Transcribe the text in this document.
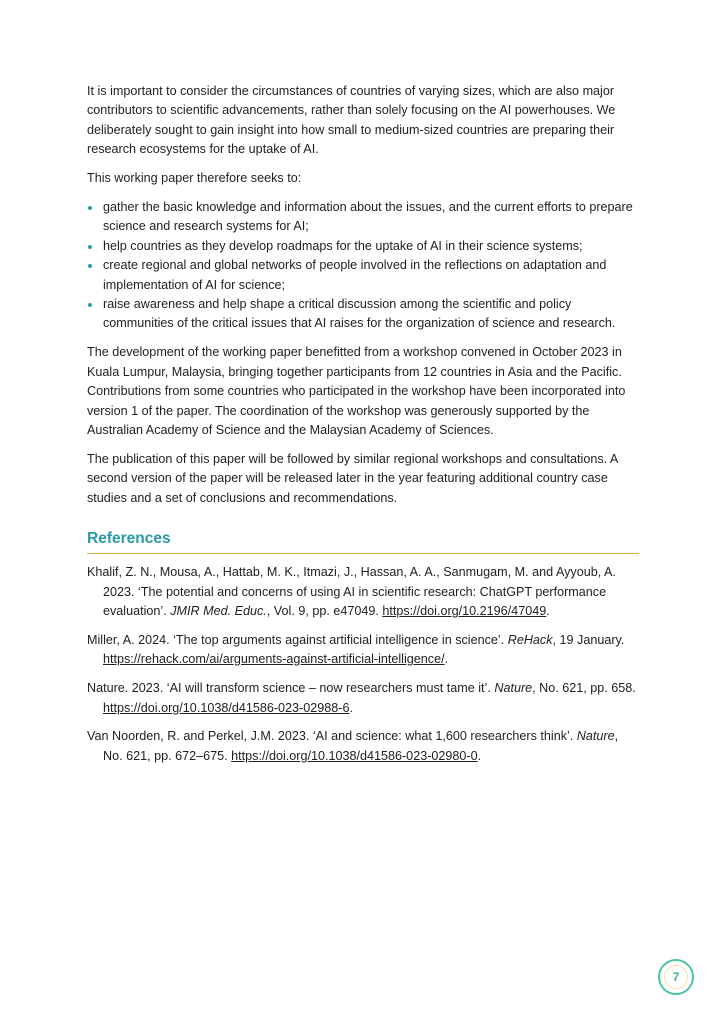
It is important to consider the circumstances of countries of varying sizes, which are also major contributors to scientific advancements, rather than solely focusing on the AI powerhouses. We deliberately sought to gain insight into how small to medium-sized countries are preparing their research ecosystems for the uptake of AI.

This working paper therefore seeks to:

gather the basic knowledge and information about the issues, and the current efforts to prepare science and research systems for AI;
help countries as they develop roadmaps for the uptake of AI in their science systems;
create regional and global networks of people involved in the reflections on adaptation and implementation of AI for science;
raise awareness and help shape a critical discussion among the scientific and policy communities of the critical issues that AI raises for the organization of science and research.

The development of the working paper benefitted from a workshop convened in October 2023 in Kuala Lumpur, Malaysia, bringing together participants from 12 countries in Asia and the Pacific. Contributions from some countries who participated in the workshop have been incorporated into version 1 of the paper. The coordination of the workshop was generously supported by the Australian Academy of Science and the Malaysian Academy of Sciences.

The publication of this paper will be followed by similar regional workshops and consultations. A second version of the paper will be released later in the year featuring additional country case studies and a set of conclusions and recommendations.

References
Khalif, Z. N., Mousa, A., Hattab, M. K., Itmazi, J., Hassan, A. A., Sanmugam, M. and Ayyoub, A. 2023. ‘The potential and concerns of using AI in scientific research: ChatGPT performance evaluation’. JMIR Med. Educ., Vol. 9, pp. e47049. https://doi.org/10.2196/47049.
Miller, A. 2024. ‘The top arguments against artificial intelligence in science’. ReHack, 19 January. https://rehack.com/ai/arguments-against-artificial-intelligence/.
Nature. 2023. ‘AI will transform science – now researchers must tame it’. Nature, No. 621, pp. 658. https://doi.org/10.1038/d41586-023-02988-6.
Van Noorden, R. and Perkel, J.M. 2023. ‘AI and science: what 1,600 researchers think’. Nature, No. 621, pp. 672–675. https://doi.org/10.1038/d41586-023-02980-0.
7
